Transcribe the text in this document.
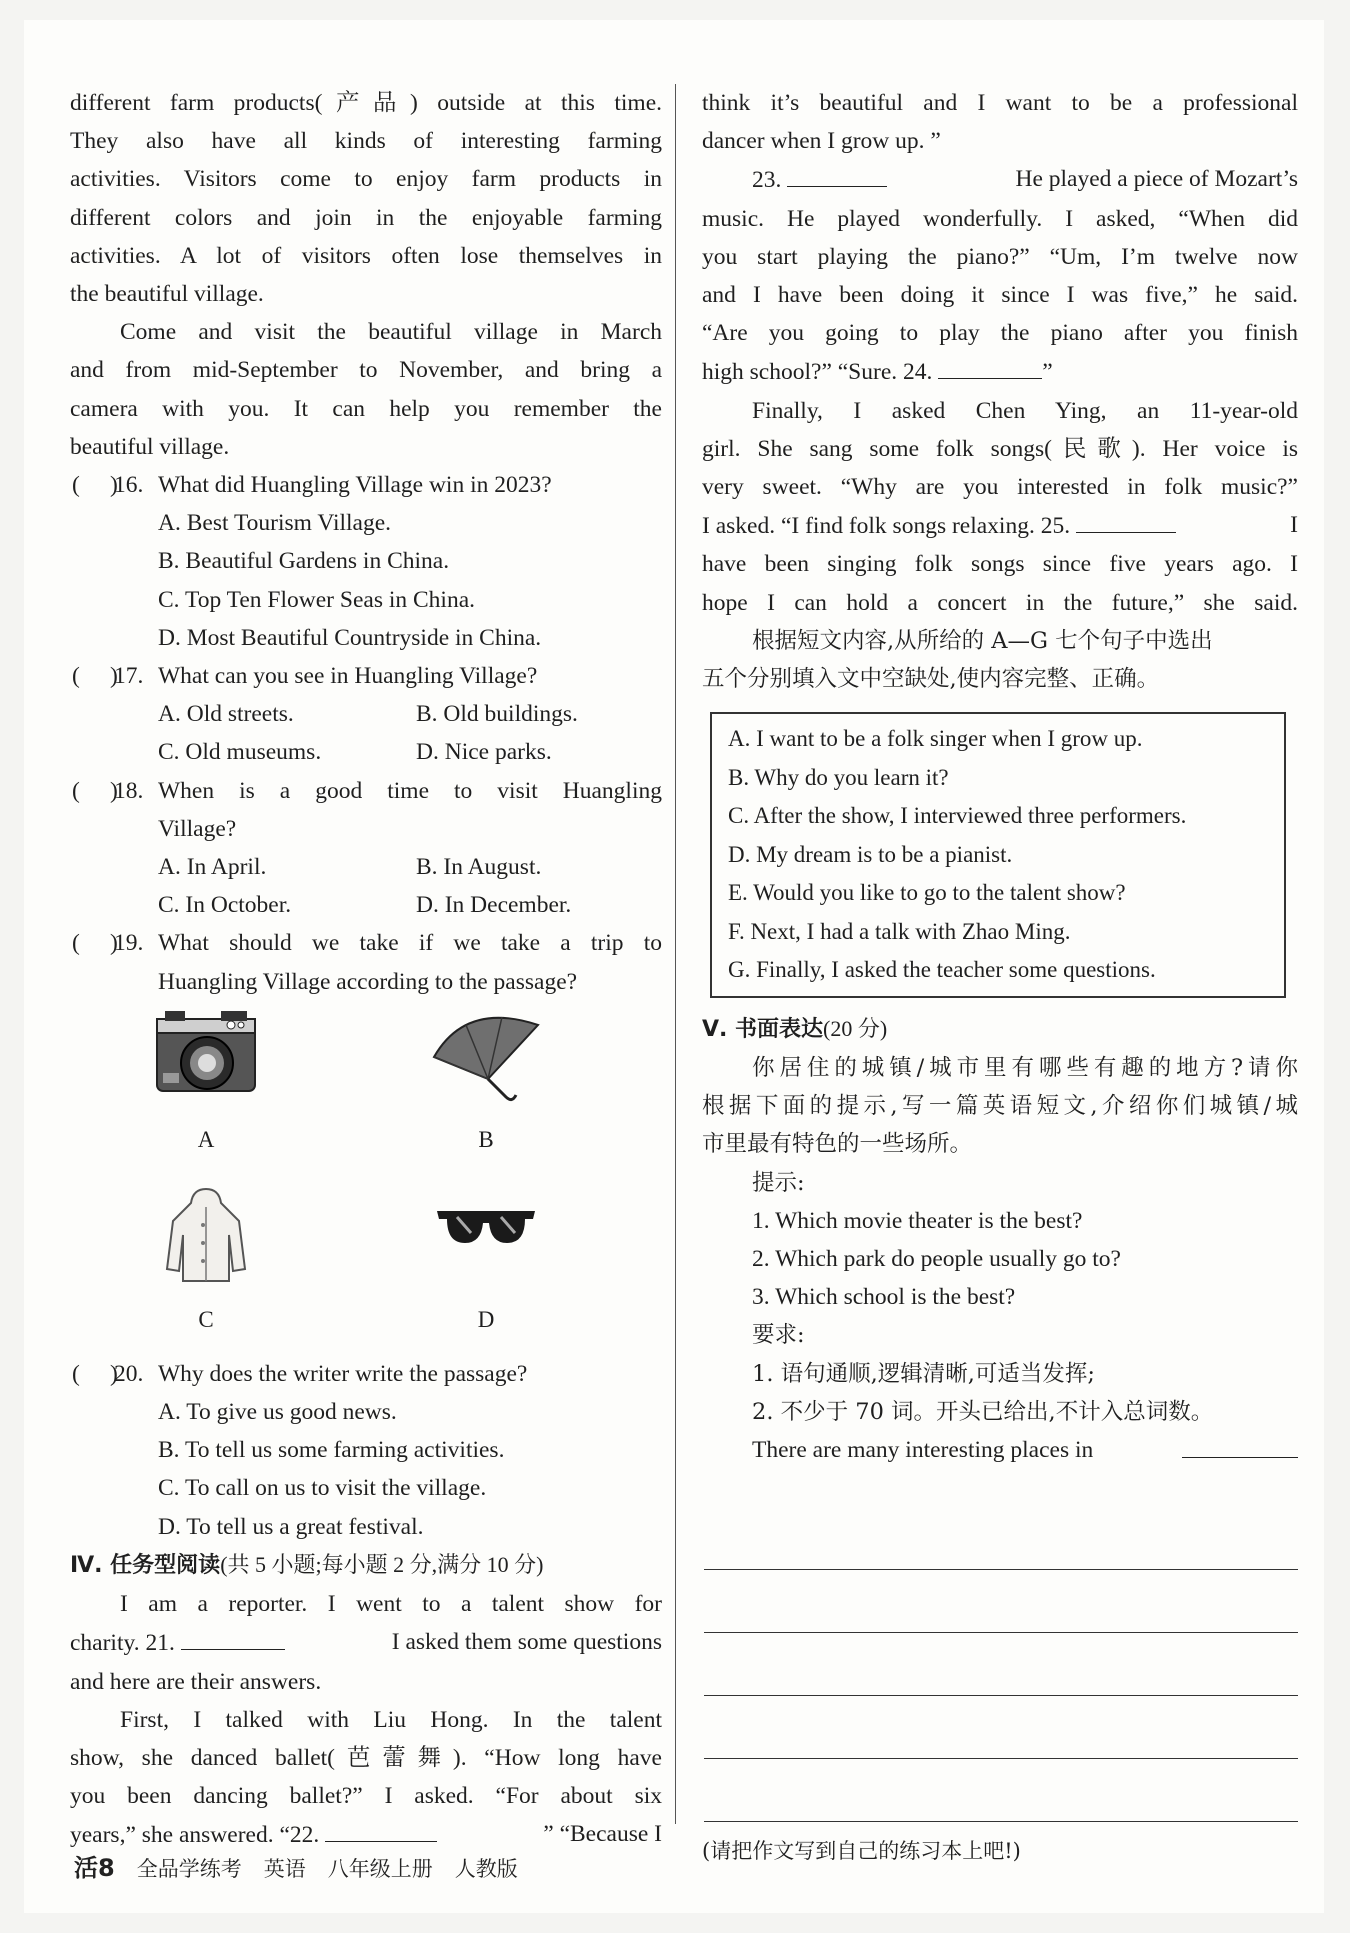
different farm products(产品) outside at this time.

They also have all kinds of interesting farming

activities. Visitors come to enjoy farm products in

different colors and join in the enjoyable farming

activities. A lot of visitors often lose themselves in

the beautiful village.

Come and visit the beautiful village in March

and from mid-September to November, and bring a

camera with you. It can help you remember the

beautiful village.

16. What did Huangling Village win in 2023?

A. Best Tourism Village.

B. Beautiful Gardens in China.

C. Top Ten Flower Seas in China.

D. Most Beautiful Countryside in China.

17. What can you see in Huangling Village?
A. Old streets.	B. Old buildings.
C. Old museums.	D. Nice parks.
18. When is a good time to visit Huangling

Village?

A. In April.	B. In August.
C. In October.	D. In December.
19. What should we take if we take a trip to

Huangling Village according to the passage?

A	B
C	D
20. Why does the writer write the passage?

A. To give us good news.

B. To tell us some farming activities.

C. To call on us to visit the village.

D. To tell us a great festival.

Ⅳ. 任务型阅读(共 5 小题;每小题 2 分,满分 10 分)

I am a reporter. I went to a talent show for

charity. 21.	I asked them some questions

and here are their answers.

First, I talked with Liu Hong. In the talent

show, she danced ballet(芭蕾舞). “How long have

you been dancing ballet?” I asked. “For about six

years,” she answered. “22.	” “Because I

think it’s beautiful and I want to be a professional

dancer when I grow up. ”

23.	He played a piece of Mozart’s

music. He played wonderfully. I asked, “When did

you start playing the piano?” “Um, I’m twelve now

and I have been doing it since I was five,” he said.

“Are you going to play the piano after you finish

high school?” “Sure. 24.	”

Finally, I asked Chen Ying, an 11-year-old

girl. She sang some folk songs(民歌). Her voice is

very sweet. “Why are you interested in folk music?”

I asked. “I find folk songs relaxing. 25.	I

have been singing folk songs since five years ago. I

hope I can hold a concert in the future,” she said.

根据短文内容,从所给的 A—G 七个句子中选出

五个分别填入文中空缺处,使内容完整、正确。

A. I want to be a folk singer when I grow up.
B. Why do you learn it?
C. After the show, I interviewed three performers.
D. My dream is to be a pianist.
E. Would you like to go to the talent show?
F. Next, I had a talk with Zhao Ming.
G. Finally, I asked the teacher some questions.

Ⅴ. 书面表达(20 分)

你居住的城镇/城市里有哪些有趣的地方?请你

根据下面的提示,写一篇英语短文,介绍你们城镇/城

市里最有特色的一些场所。

提示:

1. Which movie theater is the best?

2. Which park do people usually go to?

3. Which school is the best?

要求:

1. 语句通顺,逻辑清晰,可适当发挥;

2. 不少于 70 词。开头已给出,不计入总词数。

There are many interesting places in

(请把作文写到自己的练习本上吧!)

活8 全品学练考 英语 八年级上册 人教版
